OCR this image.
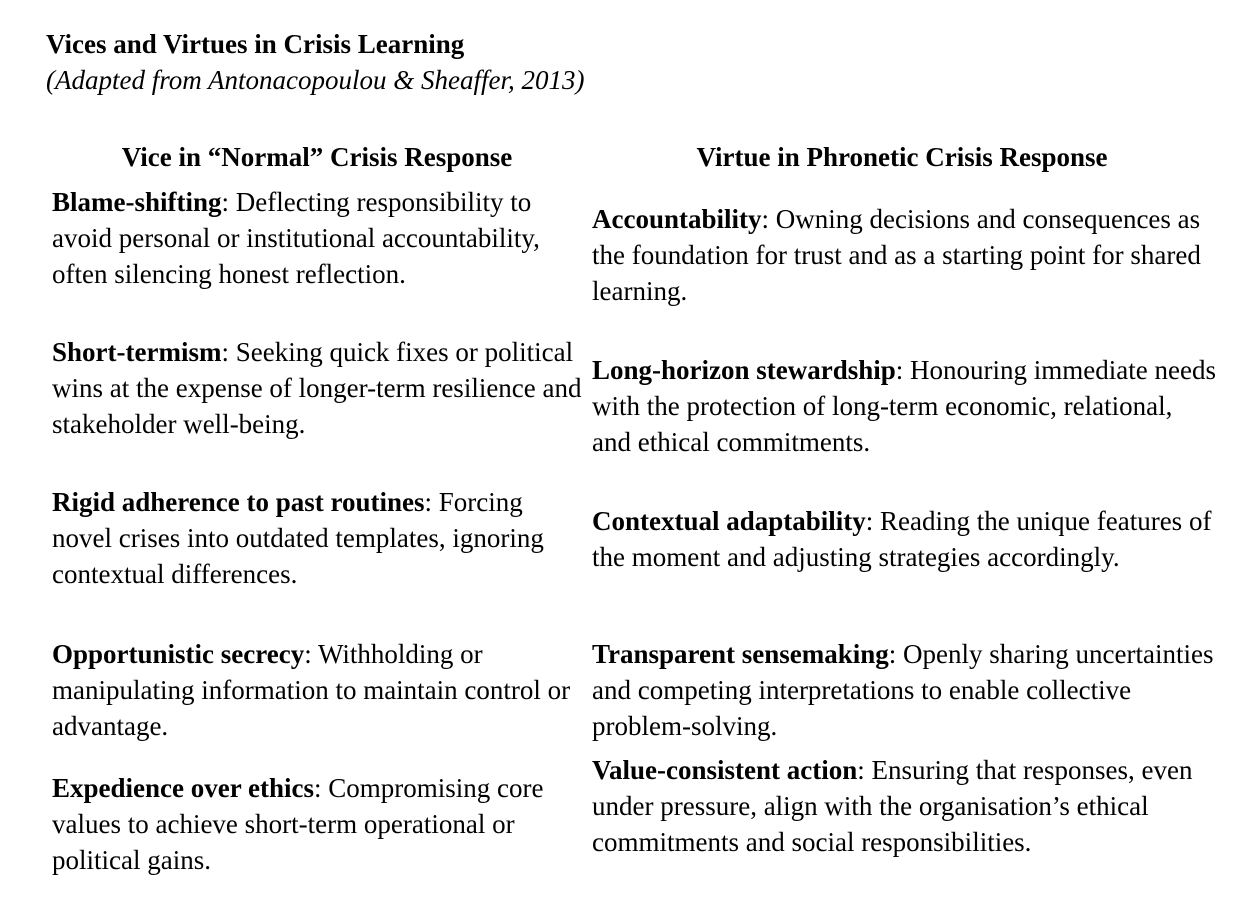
Vices and Virtues in Crisis Learning
(Adapted from Antonacopoulou & Sheaffer, 2013)
Vice in “Normal” Crisis Response	Virtue in Phronetic Crisis Response
Blame-shifting: Deflecting responsibility to avoid personal or institutional accountability, often silencing honest reflection.
Short-termism: Seeking quick fixes or political wins at the expense of longer-term resilience and stakeholder well-being.
Rigid adherence to past routines: Forcing novel crises into outdated templates, ignoring contextual differences.
Opportunistic secrecy: Withholding or manipulating information to maintain control or advantage.
Expedience over ethics: Compromising core values to achieve short-term operational or political gains.
Accountability: Owning decisions and consequences as the foundation for trust and as a starting point for shared learning.
Long-horizon stewardship: Honouring immediate needs with the protection of long-term economic, relational, and ethical commitments.
Contextual adaptability: Reading the unique features of the moment and adjusting strategies accordingly.
Transparent sensemaking: Openly sharing uncertainties and competing interpretations to enable collective problem-solving.
Value-consistent action: Ensuring that responses, even under pressure, align with the organisation’s ethical commitments and social responsibilities.
